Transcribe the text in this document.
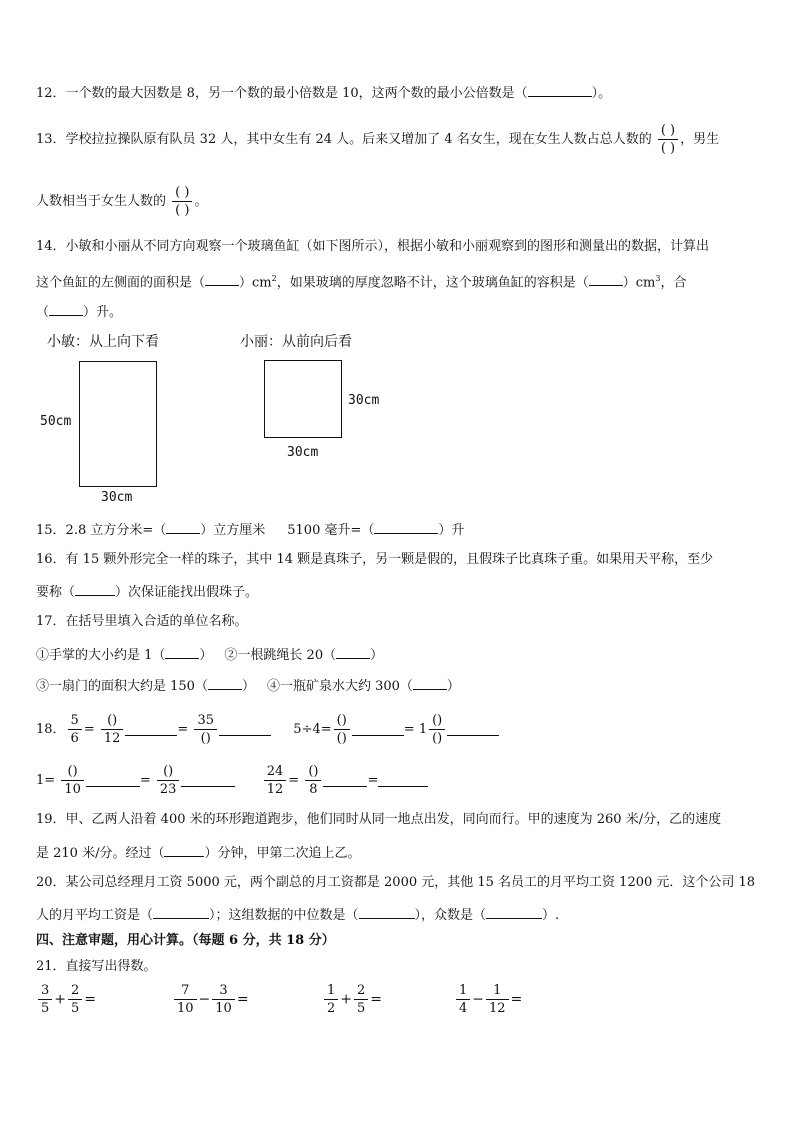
12．一个数的最大因数是 8，另一个数的最小倍数是 10，这两个数的最小公倍数是（	）。
13．学校拉拉操队原有队员 32 人，其中女生有 24 人。后来又增加了 4 名女生，现在女生人数占总人数的 $\frac{( )}{( )}$ ，男生
人数相当于女生人数的 $\frac{( )}{( )}$ 。
14．小敏和小丽从不同方向观察一个玻璃鱼缸（如下图所示），根据小敏和小丽观察到的图形和测量出的数据，计算出
这个鱼缸的左侧面的面积是（	）$cm^2$，如果玻璃的厚度忽略不计，这个玻璃鱼缸的容积是（	）$cm^3$，合
（	）升。
小敏：从上向下看	小丽：从前向后看
50cm
30cm
30cm
30cm
15．2.8 立方分米=（	）立方厘米 5100 毫升=（	）升
16．有 15 颗外形完全一样的珠子，其中 14 颗是真珠子，另一颗是假的，且假珠子比真珠子重。如果用天平称，至少
要称（	）次保证能找出假珠子。
17．在括号里填入合适的单位名称。
①手掌的大小约是 1（	） ②一根跳绳长 20（	）
③一扇门的面积大约是 150（	） ④一瓶矿泉水大约 300（	）
18． $\frac{5}{6} = \frac{()}{12}$	= $\frac{35}{()}$	$5\div 4= \frac{()}{()}$	= $1 \frac{()}{()}$
$1= \frac{()}{10}$	= $\frac{()}{23}$
	$\frac{24}{12} = \frac{()}{8}$	=
19．甲、乙两人沿着 400 米的环形跑道跑步，他们同时从同一地点出发，同向而行。甲的速度为 260 米/分，乙的速度
是 210 米/分。经过（	）分钟，甲第二次追上乙。
20．某公司总经理月工资 5000 元，两个副总的月工资都是 2000 元，其他 15 名员工的月平均工资 1200 元．这个公司 18
人的月平均工资是（	）；这组数据的中位数是（	），众数是（	）.
四、注意审题，用心计算。（每题 6 分，共 18 分）
21．直接写出得数。
$\frac{3}{5} + \frac{2}{5}$ =	$\frac{7}{10} - \frac{3}{10}$ =	$\frac{1}{2} + \frac{2}{5}$ =	$\frac{1}{4} - \frac{1}{12}$ =
